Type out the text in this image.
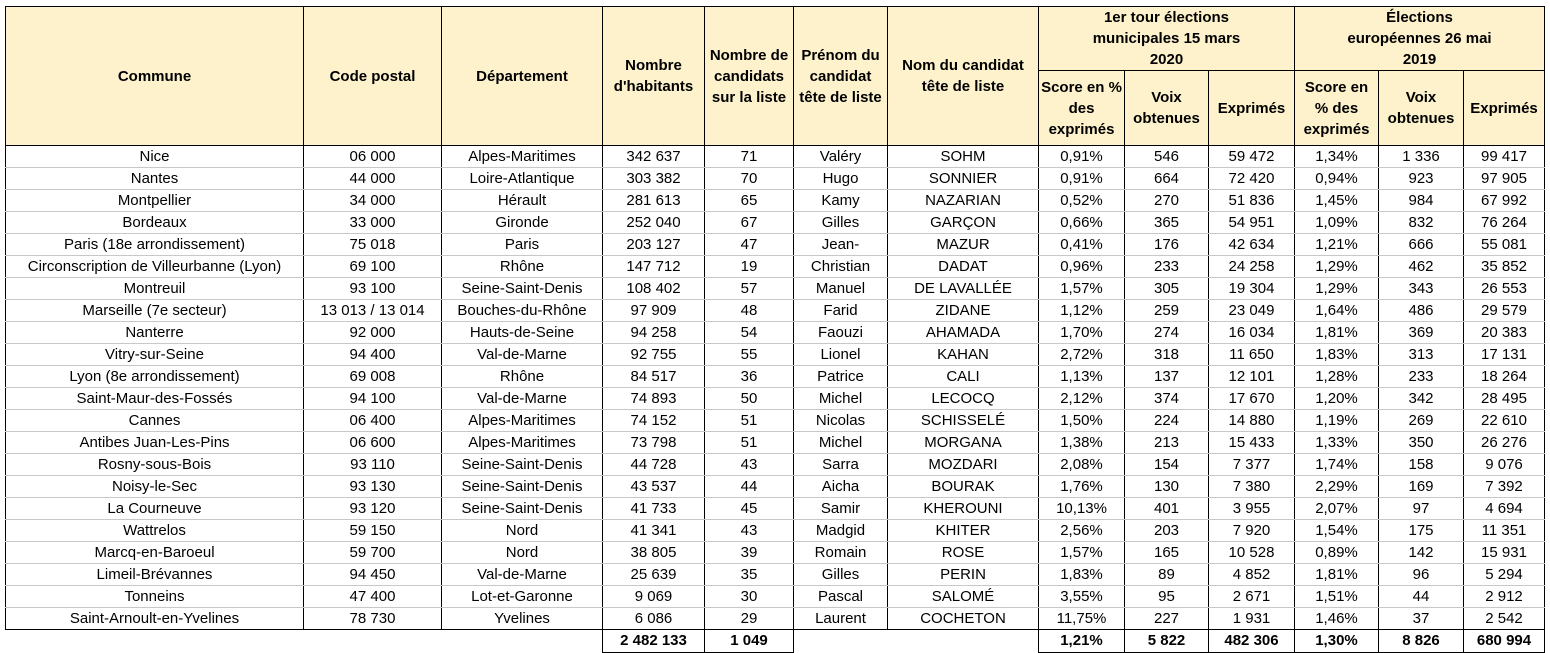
Commune	Code postal	Département	Nombre d'habitants	Nombre de candidats sur la liste	Prénom du candidat tête de liste	Nom du candidat tête de liste	1er tour élections municipales 15 mars 2020			Élections européennes 26 mai 2019		
							Score en % des exprimés	Voix obtenues	Exprimés	Score en % des exprimés	Voix obtenues	Exprimés
Nice	06 000	Alpes-Maritimes	342 637	71	Valéry	SOHM	0,91%	546	59 472	1,34%	1 336	99 417
Nantes	44 000	Loire-Atlantique	303 382	70	Hugo	SONNIER	0,91%	664	72 420	0,94%	923	97 905
Montpellier	34 000	Hérault	281 613	65	Kamy	NAZARIAN	0,52%	270	51 836	1,45%	984	67 992
Bordeaux	33 000	Gironde	252 040	67	Gilles	GARÇON	0,66%	365	54 951	1,09%	832	76 264
Paris (18e arrondissement)	75 018	Paris	203 127	47	Jean-	MAZUR	0,41%	176	42 634	1,21%	666	55 081
Circonscription de Villeurbanne (Lyon)	69 100	Rhône	147 712	19	Christian	DADAT	0,96%	233	24 258	1,29%	462	35 852
Montreuil	93 100	Seine-Saint-Denis	108 402	57	Manuel	DE LAVALLÉE	1,57%	305	19 304	1,29%	343	26 553
Marseille (7e secteur)	13 013 / 13 014	Bouches-du-Rhône	97 909	48	Farid	ZIDANE	1,12%	259	23 049	1,64%	486	29 579
Nanterre	92 000	Hauts-de-Seine	94 258	54	Faouzi	AHAMADA	1,70%	274	16 034	1,81%	369	20 383
Vitry-sur-Seine	94 400	Val-de-Marne	92 755	55	Lionel	KAHAN	2,72%	318	11 650	1,83%	313	17 131
Lyon (8e arrondissement)	69 008	Rhône	84 517	36	Patrice	CALI	1,13%	137	12 101	1,28%	233	18 264
Saint-Maur-des-Fossés	94 100	Val-de-Marne	74 893	50	Michel	LECOCQ	2,12%	374	17 670	1,20%	342	28 495
Cannes	06 400	Alpes-Maritimes	74 152	51	Nicolas	SCHISSELÉ	1,50%	224	14 880	1,19%	269	22 610
Antibes Juan-Les-Pins	06 600	Alpes-Maritimes	73 798	51	Michel	MORGANA	1,38%	213	15 433	1,33%	350	26 276
Rosny-sous-Bois	93 110	Seine-Saint-Denis	44 728	43	Sarra	MOZDARI	2,08%	154	7 377	1,74%	158	9 076
Noisy-le-Sec	93 130	Seine-Saint-Denis	43 537	44	Aicha	BOURAK	1,76%	130	7 380	2,29%	169	7 392
La Courneuve	93 120	Seine-Saint-Denis	41 733	45	Samir	KHEROUNI	10,13%	401	3 955	2,07%	97	4 694
Wattrelos	59 150	Nord	41 341	43	Madgid	KHITER	2,56%	203	7 920	1,54%	175	11 351
Marcq-en-Baroeul	59 700	Nord	38 805	39	Romain	ROSE	1,57%	165	10 528	0,89%	142	15 931
Limeil-Brévannes	94 450	Val-de-Marne	25 639	35	Gilles	PERIN	1,83%	89	4 852	1,81%	96	5 294
Tonneins	47 400	Lot-et-Garonne	9 069	30	Pascal	SALOMÉ	3,55%	95	2 671	1,51%	44	2 912
Saint-Arnoult-en-Yvelines	78 730	Yvelines	6 086	29	Laurent	COCHETON	11,75%	227	1 931	1,46%	37	2 542
			2 482 133	1 049			1,21%	5 822	482 306	1,30%	8 826	680 994
